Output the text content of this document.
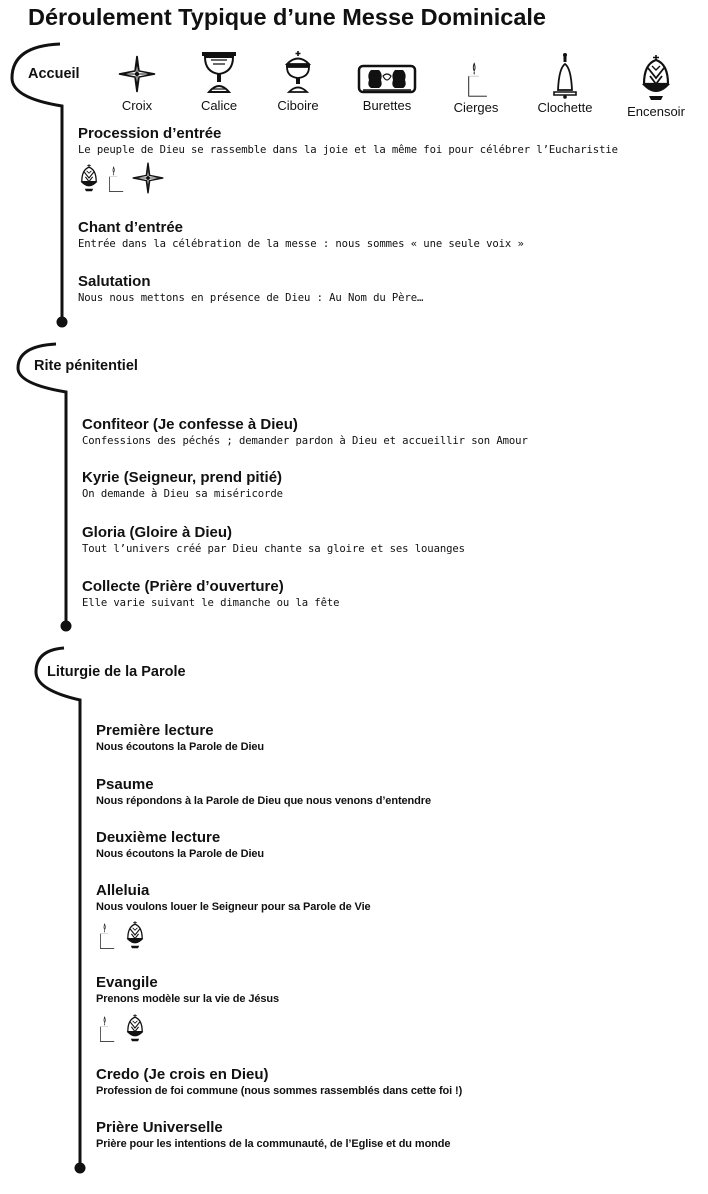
Déroulement Typique d’une Messe Dominicale
Accueil
Rite pénitentiel
Liturgie de la Parole
Croix	Calice	Ciboire	Burettes	Cierges	Clochette	Encensoir
Procession d’entrée
Le peuple de Dieu se rassemble dans la joie et la même foi pour célébrer l’Eucharistie
Chant d’entrée
Entrée dans la célébration de la messe : nous sommes « une seule voix »
Salutation
Nous nous mettons en présence de Dieu : Au Nom du Père…
Confiteor (Je confesse à Dieu)
Confessions des péchés ; demander pardon à Dieu et accueillir son Amour
Kyrie (Seigneur, prend pitié)
On demande à Dieu sa miséricorde
Gloria (Gloire à Dieu)
Tout l’univers créé par Dieu chante sa gloire et ses louanges
Collecte (Prière d’ouverture)
Elle varie suivant le dimanche ou la fête
Première lecture
Nous écoutons la Parole de Dieu
Psaume
Nous répondons à la Parole de Dieu que nous venons d’entendre
Deuxième lecture
Nous écoutons la Parole de Dieu
Alleluia
Nous voulons louer le Seigneur pour sa Parole de Vie
Evangile
Prenons modèle sur la vie de Jésus
Credo (Je crois en Dieu)
Profession de foi commune (nous sommes rassemblés dans cette foi !)
Prière Universelle
Prière pour les intentions de la communauté, de l’Eglise et du monde
